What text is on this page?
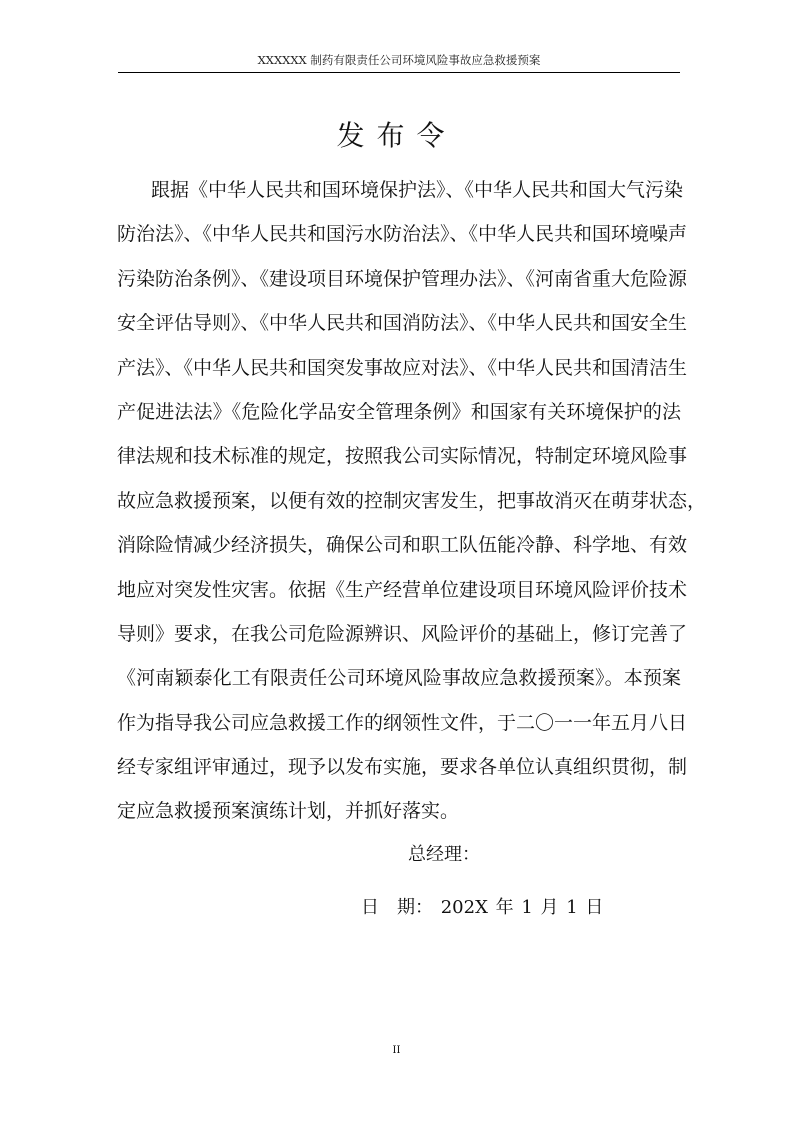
XXXXXX 制药有限责任公司环境风险事故应急救援预案
发布令
跟据《中华人民共和国环境保护法》、《中华人民共和国大气污染
防治法》、《中华人民共和国污水防治法》、《中华人民共和国环境噪声
污染防治条例》、《建设项目环境保护管理办法》、《河南省重大危险源
安全评估导则》、《中华人民共和国消防法》、《中华人民共和国安全生
产法》、《中华人民共和国突发事故应对法》、《中华人民共和国清洁生
产促进法法》《危险化学品安全管理条例》和国家有关环境保护的法
律法规和技术标准的规定，按照我公司实际情况，特制定环境风险事
故应急救援预案，以便有效的控制灾害发生，把事故消灭在萌芽状态，
消除险情减少经济损失，确保公司和职工队伍能冷静、科学地、有效
地应对突发性灾害。依据《生产经营单位建设项目环境风险评价技术
导则》要求，在我公司危险源辨识、风险评价的基础上，修订完善了
《河南颖泰化工有限责任公司环境风险事故应急救援预案》。本预案
作为指导我公司应急救援工作的纲领性文件，于二〇一一年五月八日
经专家组评审通过，现予以发布实施，要求各单位认真组织贯彻，制
定应急救援预案演练计划，并抓好落实。
总经理：
日　期： 202X 年 1 月 1 日
II
